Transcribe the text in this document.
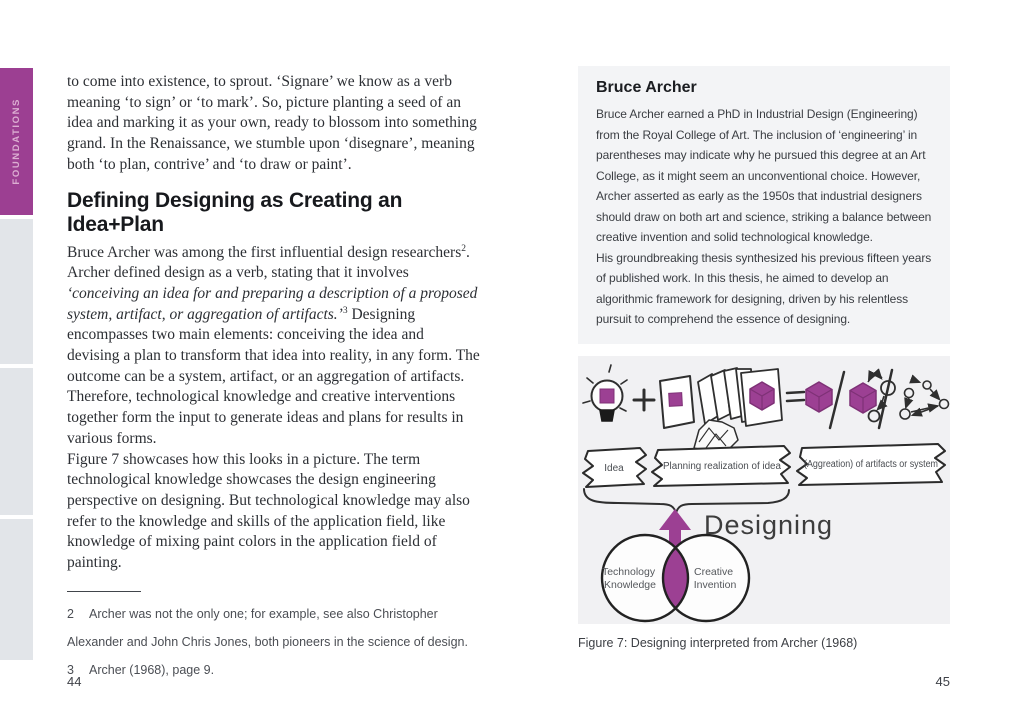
FOUNDATIONS

to come into existence, to sprout. ‘Signare’ we know as a verb meaning ‘to sign’ or ‘to mark’. So, picture planting a seed of an idea and marking it as your own, ready to blossom into something grand. In the Renaissance, we stumble upon ‘disegnare’, meaning both ‘to plan, contrive’ and ‘to draw or paint’.

Defining Designing as Creating an Idea+Plan

Bruce Archer was among the first influential design researchers$^2$. Archer defined design as a verb, stating that it involves ‘conceiving an idea for and preparing a description of a proposed system, artifact, or aggregation of artifacts.’$^3$ Designing encompasses two main elements: conceiving the idea and devising a plan to transform that idea into reality, in any form. The outcome can be a system, artifact, or an aggregation of artifacts. Therefore, technological knowledge and creative interventions together form the input to generate ideas and plans for results in various forms.

Figure 7 showcases how this looks in a picture. The term technological knowledge showcases the design engineering perspective on designing. But technological knowledge may also refer to the knowledge and skills of the application field, like knowledge of mixing paint colors in the application field of painting.

2 Archer was not the only one; for example, see also Christopher Alexander and John Chris Jones, both pioneers in the science of design.

3 Archer (1968), page 9.

44
Bruce Archer

Bruce Archer earned a PhD in Industrial Design (Engineering) from the Royal College of Art. The inclusion of ‘engineering’ in parentheses may indicate why he pursued this degree at an Art College, as it might seem an unconventional choice. However, Archer asserted as early as the 1950s that industrial designers should draw on both art and science, striking a balance between creative invention and solid technological knowledge.

His groundbreaking thesis synthesized his previous fifteen years of published work. In this thesis, he aimed to develop an algorithmic framework for designing, driven by his relentless pursuit to comprehend the essence of designing.

Idea	Planning realization of idea (Aggreation) of artifacts or system
Designing
Technology Knowledge
Creative Invention
Figure 7: Designing interpreted from Archer (1968)
45
